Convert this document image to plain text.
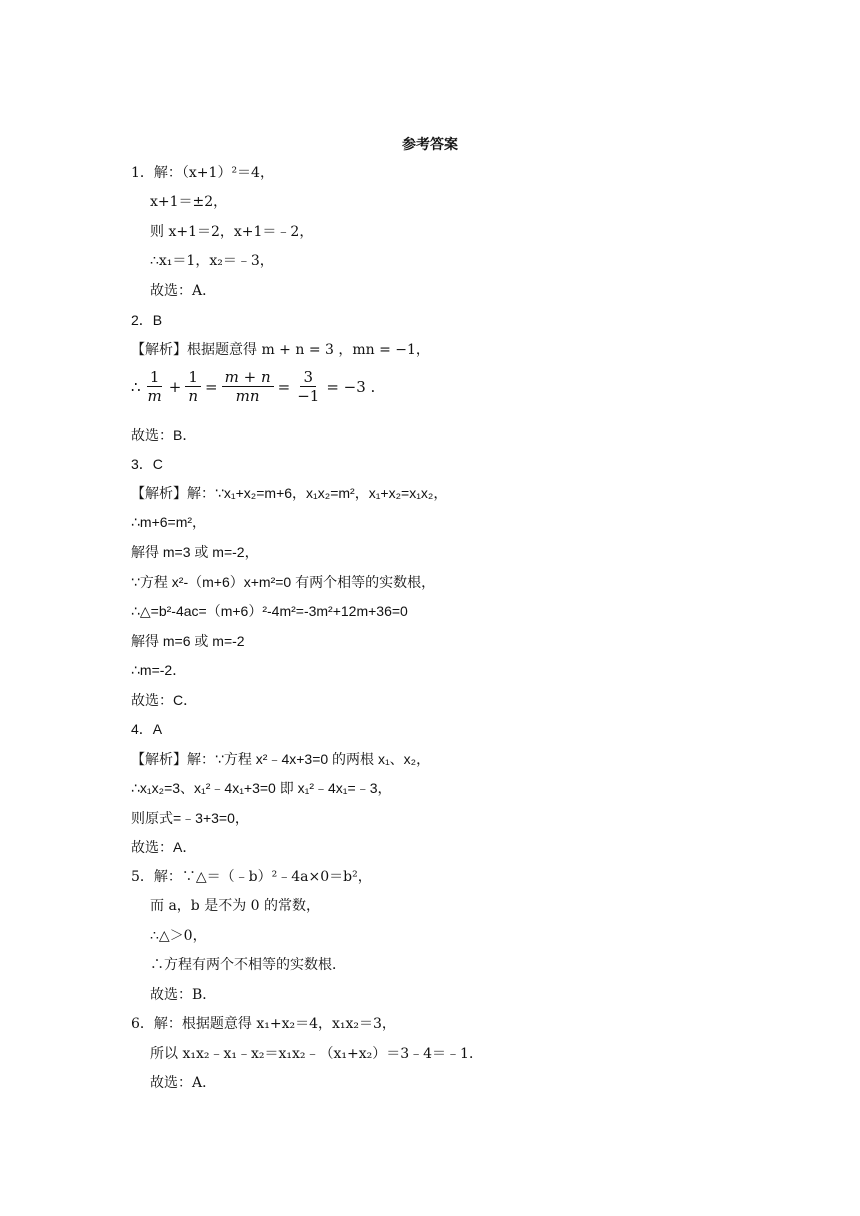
参考答案
1．解：（x+1）²＝4，
x+1＝±2，
则 x+1＝2，x+1＝﹣2，
∴x₁＝1，x₂＝﹣3，
故选：A．
2．B
【解析】根据题意得 m + n = 3 ，mn = −1，
∴ $\frac{1}{m} + \frac{1}{n} = \frac{m + n}{mn} = \frac{3}{-1} = -3$ .
故选：B．
3．C
【解析】解：∵x₁+x₂=m+6，x₁x₂=m²，x₁+x₂=x₁x₂，
∴m+6=m²，
解得 m=3 或 m=-2，
∵方程 x²-（m+6）x+m²=0 有两个相等的实数根，
∴△=b²-4ac=（m+6）²-4m²=-3m²+12m+36=0
解得 m=6 或 m=-2
∴m=-2．
故选：C．
4．A
【解析】解：∵方程 x²﹣4x+3=0 的两根 x₁、x₂，
∴x₁x₂=3、x₁²﹣4x₁+3=0 即 x₁²﹣4x₁=﹣3，
则原式=﹣3+3=0，
故选：A．
5．解：∵△＝（﹣b）²﹣4a×0＝b²，
而 a，b 是不为 0 的常数，
∴△＞0，
∴方程有两个不相等的实数根．
故选：B．
6．解：根据题意得 x₁+x₂＝4，x₁x₂＝3，
所以 x₁x₂﹣x₁﹣x₂＝x₁x₂﹣（x₁+x₂）＝3﹣4＝﹣1．
故选：A．
